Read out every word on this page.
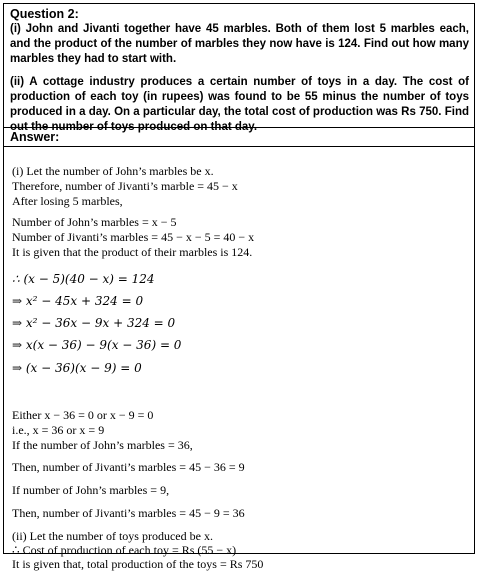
Question 2:

(i) John and Jivanti together have 45 marbles. Both of them lost 5 marbles each, and the product of the number of marbles they now have is 124. Find out how many marbles they had to start with.

(ii) A cottage industry produces a certain number of toys in a day. The cost of production of each toy (in rupees) was found to be 55 minus the number of toys produced in a day. On a particular day, the total cost of production was Rs 750. Find out the number of toys produced on that day.

Answer:

(i) Let the number of John’s marbles be x.
Therefore, number of Jivanti’s marble = 45 − x
After losing 5 marbles,
Number of John’s marbles = x − 5
Number of Jivanti’s marbles = 45 − x − 5 = 40 − x
It is given that the product of their marbles is 124.
∴ (x − 5)(40 − x) = 124
⇒ x² − 45x + 324 = 0
⇒ x² − 36x − 9x + 324 = 0
⇒ x(x − 36) − 9(x − 36) = 0
⇒ (x − 36)(x − 9) = 0
Either x − 36 = 0 or x − 9 = 0
i.e., x = 36 or x = 9
If the number of John’s marbles = 36,
Then, number of Jivanti’s marbles = 45 − 36 = 9
If number of John’s marbles = 9,
Then, number of Jivanti’s marbles = 45 − 9 = 36
(ii) Let the number of toys produced be x.
∴ Cost of production of each toy = Rs (55 − x)
It is given that, total production of the toys = Rs 750
